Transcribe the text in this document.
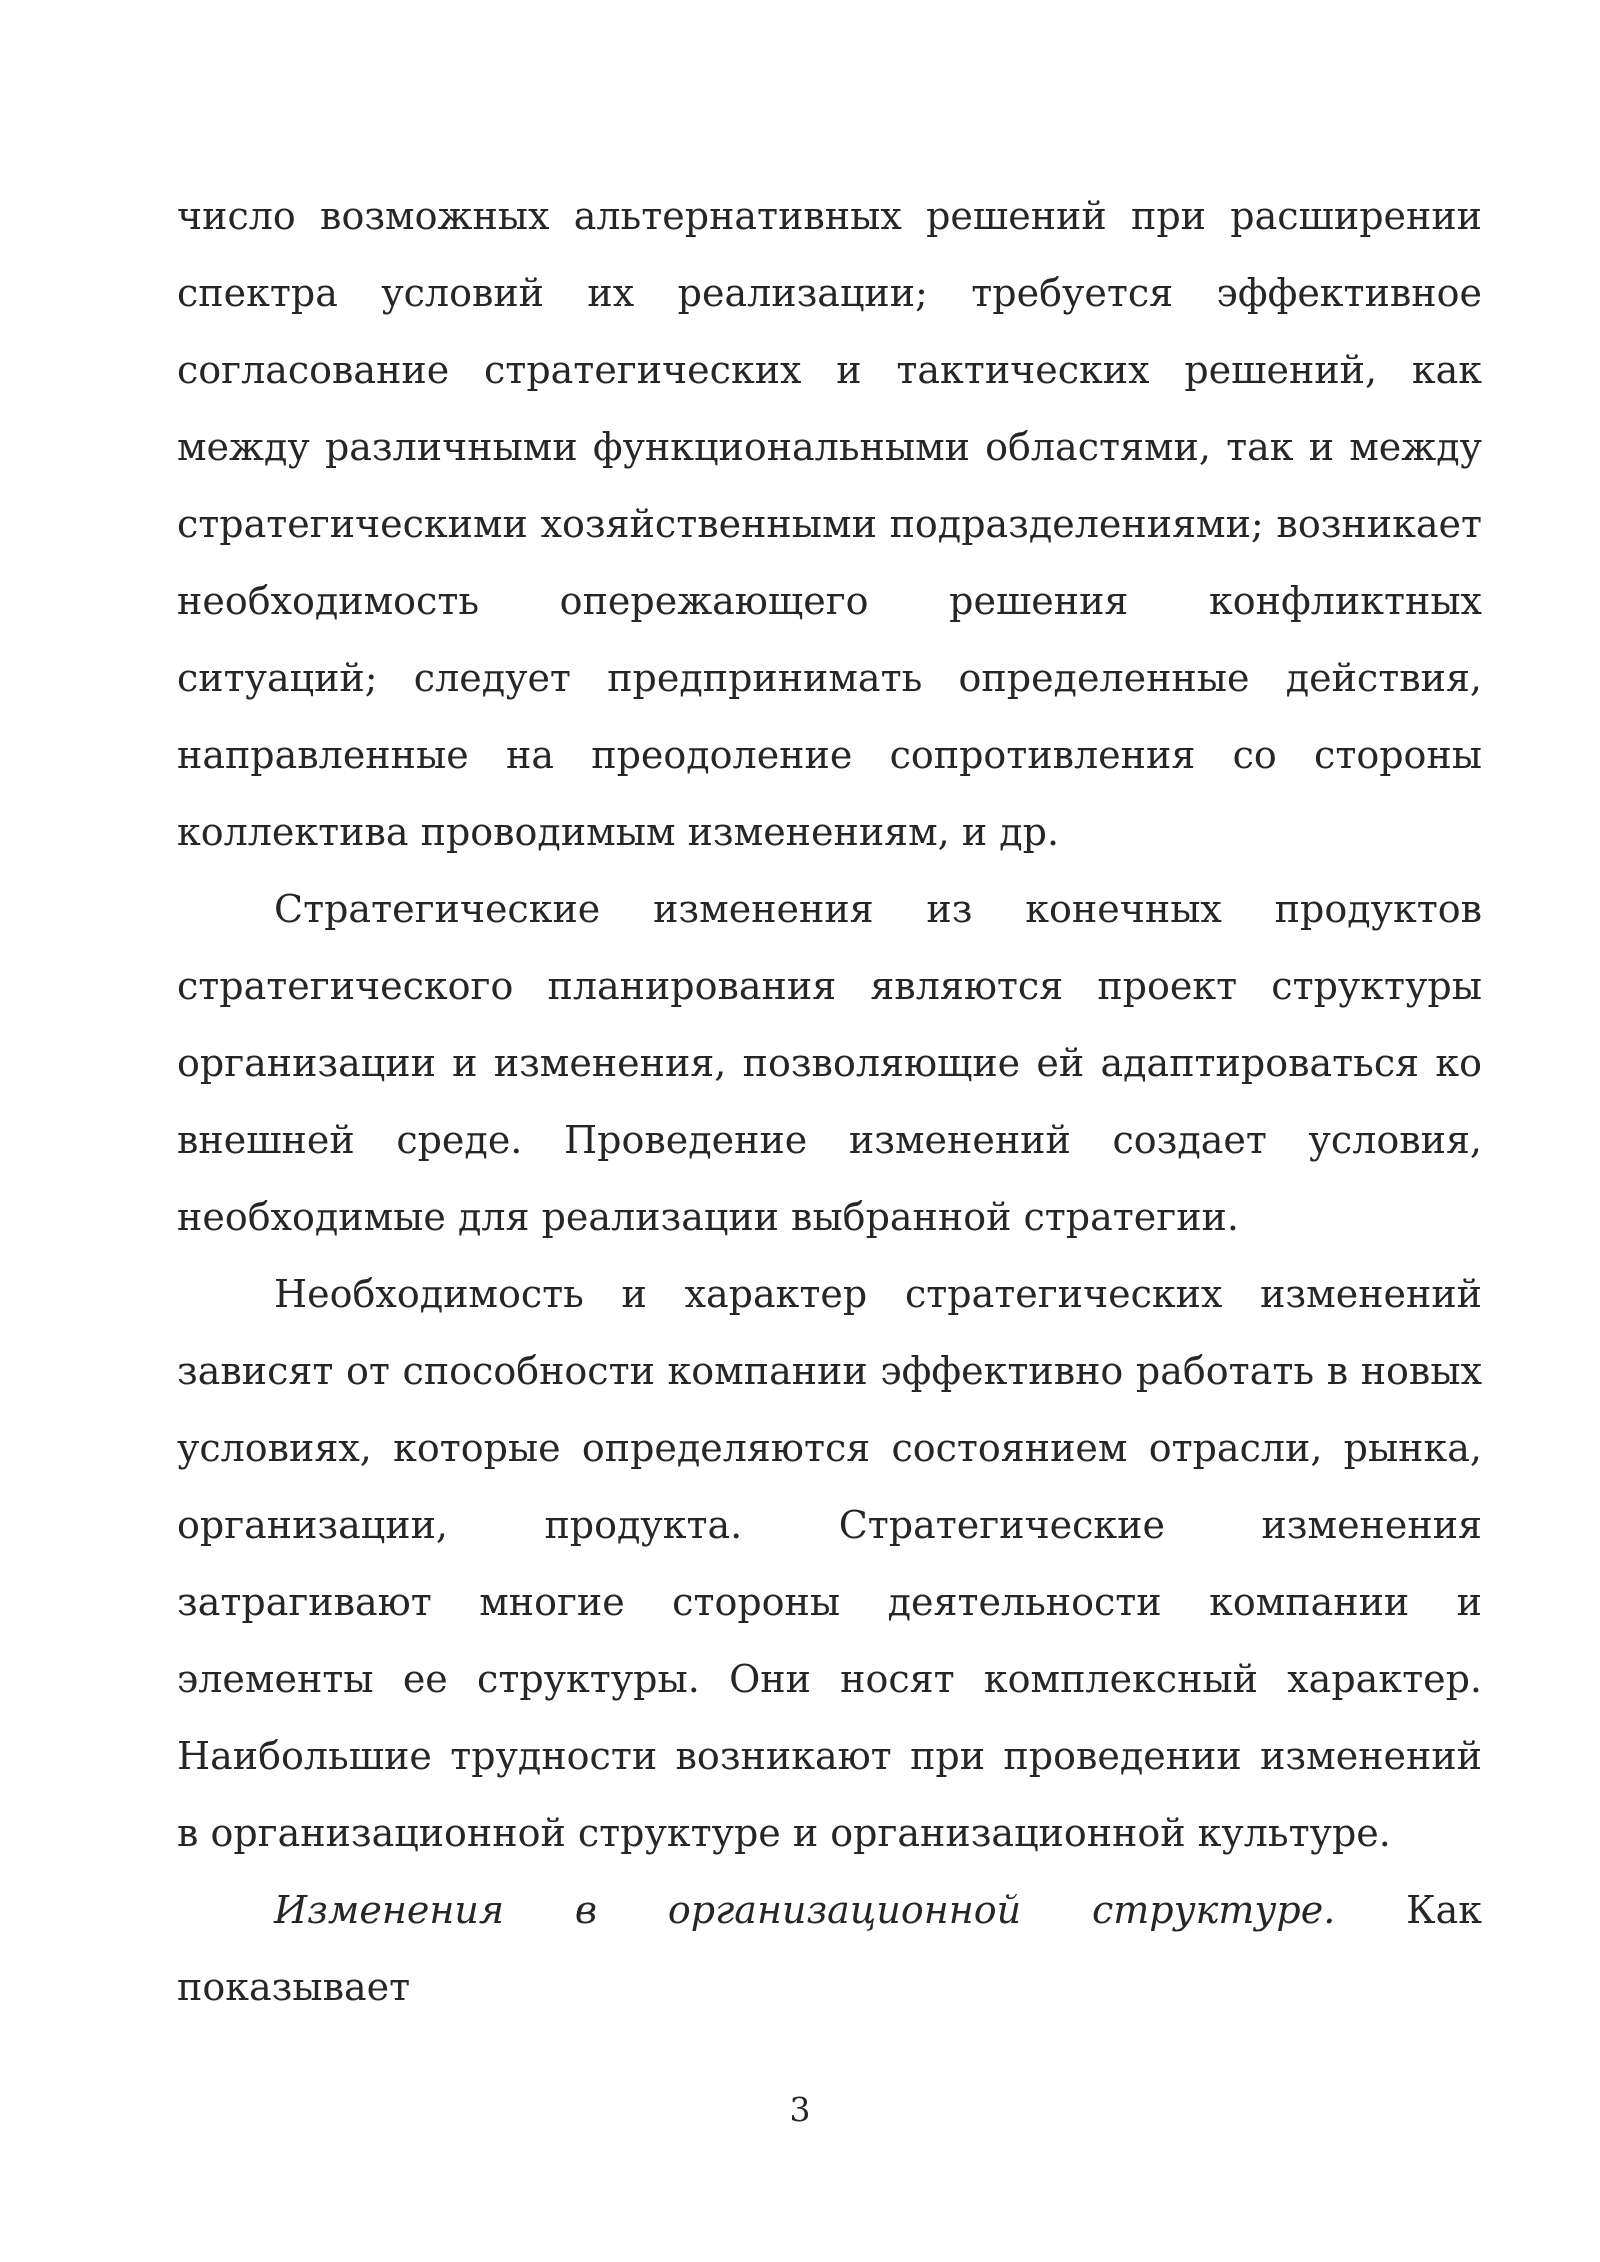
число возможных альтернативных решений при расширении спектра условий их реализации; требуется эффективное согласование стратегических и тактических решений, как между различными функциональными областями, так и между стратегическими хозяйственными подразделениями; возникает необходимость опережающего решения конфликтных ситуаций; следует предпринимать определенные действия, направленные на преодоление сопротивления со стороны коллектива проводимым изменениям, и др.

Стратегические изменения из конечных продуктов стратегического планирования являются проект структуры организации и изменения, позволяющие ей адаптироваться ко внешней среде. Проведение изменений создает условия, необходимые для реализации выбранной стратегии.

Необходимость и характер стратегических изменений зависят от способности компании эффективно работать в новых условиях, которые определяются состоянием отрасли, рынка, организации, продукта. Стратегические изменения затрагивают многие стороны деятельности компании и элементы ее структуры. Они носят комплексный характер. Наибольшие трудности возникают при проведении изменений в организационной структуре и организационной культуре.

Изменения в организационной структуре. Как показывает

3
